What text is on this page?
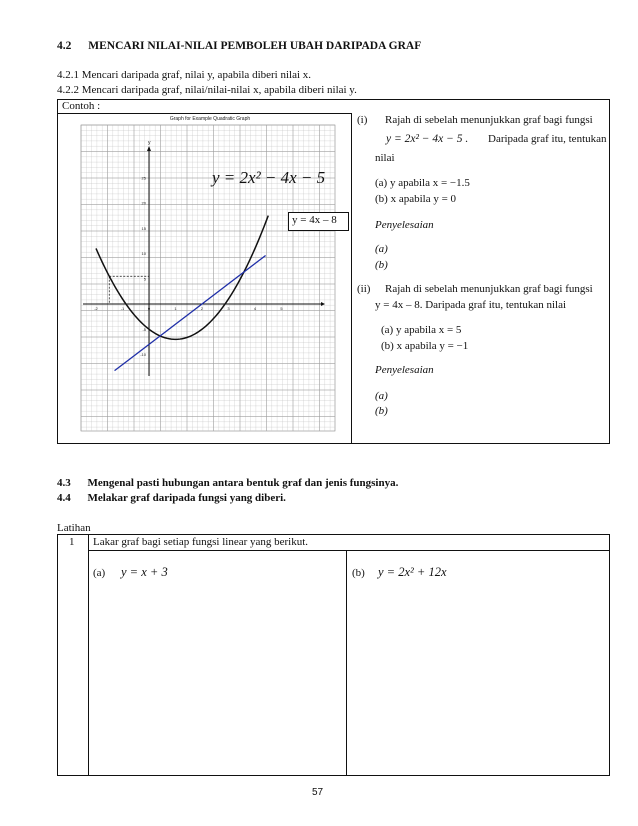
4.2 MENCARI NILAI-NILAI PEMBOLEH UBAH DARIPADA GRAF
4.2.1 Mencari daripada graf, nilai y, apabila diberi nilai x.
4.2.2 Mencari daripada graf, nilai/nilai-nilai x, apabila diberi nilai y.
Contoh :
y
-2	-1	0	1	2	3	4	5
-10
-5
5
10
15
20
25
Graph for Example Quadratic Graph
y = 2x² − 4x − 5
y = 4x – 8
(i) Rajah di sebelah menunjukkan graf bagi fungsi
y = 2x² − 4x − 5 . Daripada graf itu, tentukan
nilai
(a) y apabila x = −1.5
(b) x apabila y = 0
Penyelesaian
(a)
(b)
(ii) Rajah di sebelah menunjukkan graf bagi fungsi
y = 4x – 8. Daripada graf itu, tentukan nilai
(a) y apabila x = 5
(b) x apabila y = −1
Penyelesaian
(a)
(b)
4.3 Mengenal pasti hubungan antara bentuk graf dan jenis fungsinya.
4.4 Melakar graf daripada fungsi yang diberi.
Latihan
1 Lakar graf bagi setiap fungsi linear yang berikut.
(a) y = x + 3	(b) y = 2x² + 12x
57
